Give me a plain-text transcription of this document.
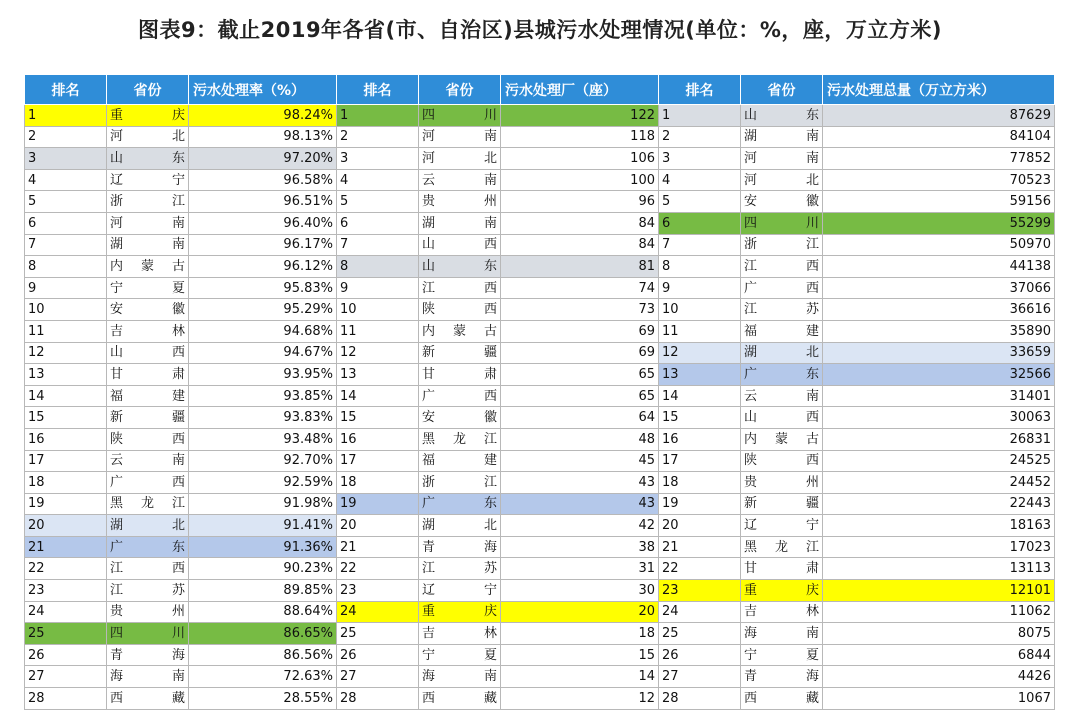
图表9：截止2019年各省(市、自治区)县城污水处理情况(单位：%，座，万立方米)
排名	省份	污水处理率（%）	排名	省份	污水处理厂（座）	排名	省份	污水处理总量（万立方米）
1	重庆	98.24%	1	四川	122	1	山东	87629
2	河北	98.13%	2	河南	118	2	湖南	84104
3	山东	97.20%	3	河北	106	3	河南	77852
4	辽宁	96.58%	4	云南	100	4	河北	70523
5	浙江	96.51%	5	贵州	96	5	安徽	59156
6	河南	96.40%	6	湖南	84	6	四川	55299
7	湖南	96.17%	7	山西	84	7	浙江	50970
8	内蒙古	96.12%	8	山东	81	8	江西	44138
9	宁夏	95.83%	9	江西	74	9	广西	37066
10	安徽	95.29%	10	陕西	73	10	江苏	36616
11	吉林	94.68%	11	内蒙古	69	11	福建	35890
12	山西	94.67%	12	新疆	69	12	湖北	33659
13	甘肃	93.95%	13	甘肃	65	13	广东	32566
14	福建	93.85%	14	广西	65	14	云南	31401
15	新疆	93.83%	15	安徽	64	15	山西	30063
16	陕西	93.48%	16	黑龙江	48	16	内蒙古	26831
17	云南	92.70%	17	福建	45	17	陕西	24525
18	广西	92.59%	18	浙江	43	18	贵州	24452
19	黑龙江	91.98%	19	广东	43	19	新疆	22443
20	湖北	91.41%	20	湖北	42	20	辽宁	18163
21	广东	91.36%	21	青海	38	21	黑龙江	17023
22	江西	90.23%	22	江苏	31	22	甘肃	13113
23	江苏	89.85%	23	辽宁	30	23	重庆	12101
24	贵州	88.64%	24	重庆	20	24	吉林	11062
25	四川	86.65%	25	吉林	18	25	海南	8075
26	青海	86.56%	26	宁夏	15	26	宁夏	6844
27	海南	72.63%	27	海南	14	27	青海	4426
28	西藏	28.55%	28	西藏	12	28	西藏	1067
